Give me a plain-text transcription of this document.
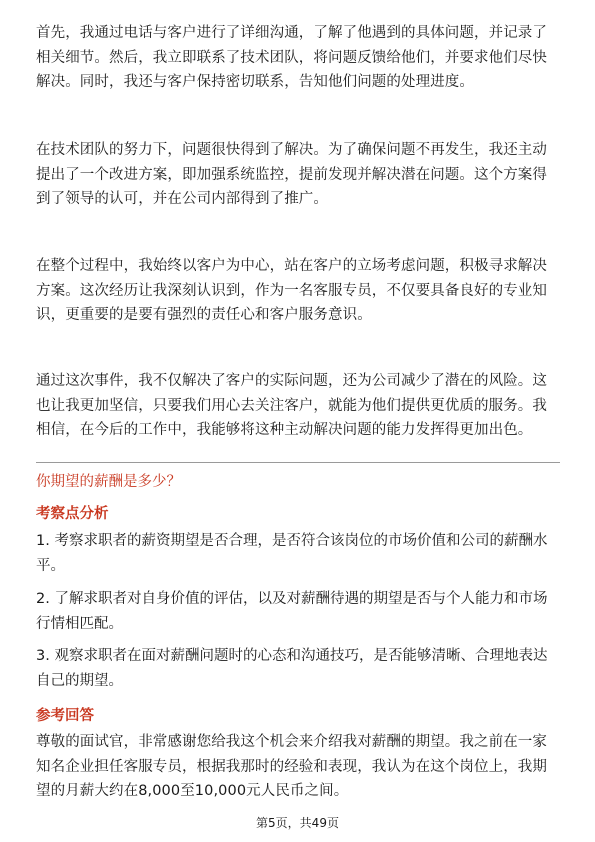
首先，我通过电话与客户进行了详细沟通，了解了他遇到的具体问题，并记录了相关细节。然后，我立即联系了技术团队，将问题反馈给他们，并要求他们尽快解决。同时，我还与客户保持密切联系，告知他们问题的处理进度。

在技术团队的努力下，问题很快得到了解决。为了确保问题不再发生，我还主动提出了一个改进方案，即加强系统监控，提前发现并解决潜在问题。这个方案得到了领导的认可，并在公司内部得到了推广。

在整个过程中，我始终以客户为中心，站在客户的立场考虑问题，积极寻求解决方案。这次经历让我深刻认识到，作为一名客服专员，不仅要具备良好的专业知识，更重要的是要有强烈的责任心和客户服务意识。

通过这次事件，我不仅解决了客户的实际问题，还为公司减少了潜在的风险。这也让我更加坚信，只要我们用心去关注客户，就能为他们提供更优质的服务。我相信，在今后的工作中，我能够将这种主动解决问题的能力发挥得更加出色。

你期望的薪酬是多少？
考察点分析

1. 考察求职者的薪资期望是否合理，是否符合该岗位的市场价值和公司的薪酬水平。

2. 了解求职者对自身价值的评估，以及对薪酬待遇的期望是否与个人能力和市场行情相匹配。

3. 观察求职者在面对薪酬问题时的心态和沟通技巧，是否能够清晰、合理地表达自己的期望。

参考回答

尊敬的面试官，非常感谢您给我这个机会来介绍我对薪酬的期望。我之前在一家知名企业担任客服专员，根据我那时的经验和表现，我认为在这个岗位上，我期望的月薪大约在8,000至10,000元人民币之间。

第5页，共49页
